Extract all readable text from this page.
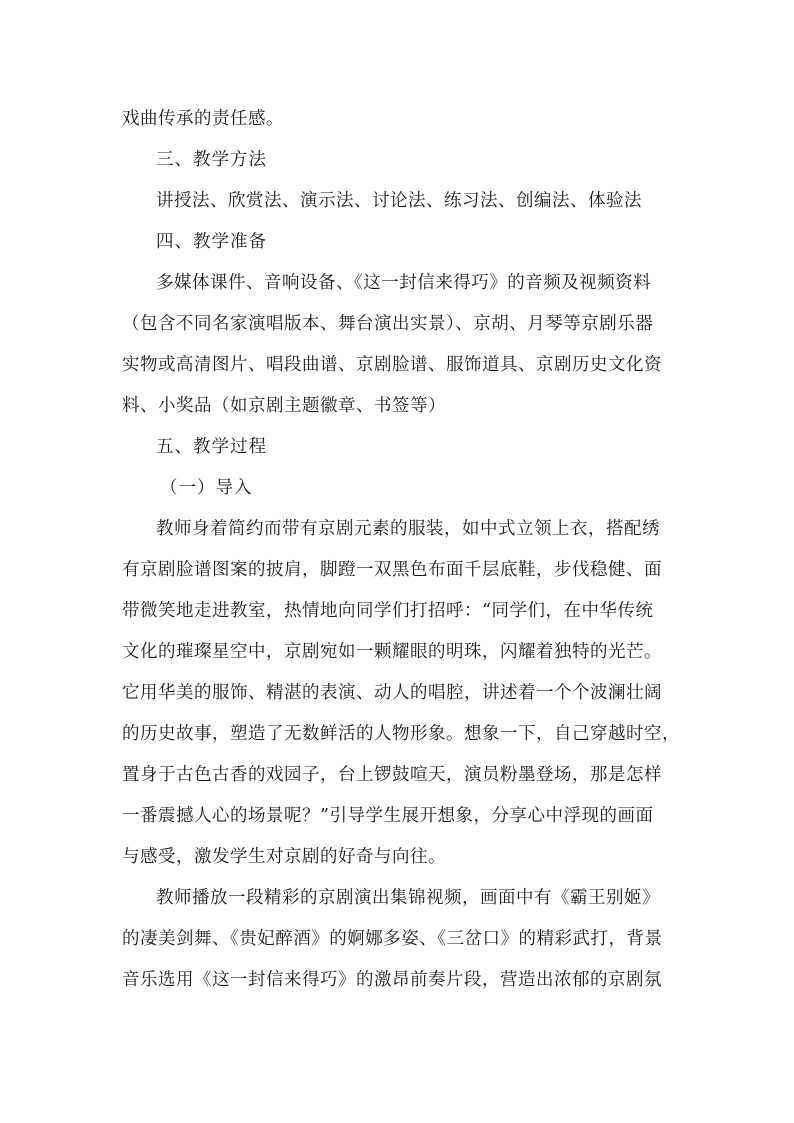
戏曲传承的责任感。
三、教学方法
讲授法、欣赏法、演示法、讨论法、练习法、创编法、体验法
四、教学准备
多媒体课件、音响设备、《这一封信来得巧》的音频及视频资料
（包含不同名家演唱版本、舞台演出实景）、京胡、月琴等京剧乐器
实物或高清图片、唱段曲谱、京剧脸谱、服饰道具、京剧历史文化资
料、小奖品（如京剧主题徽章、书签等）
五、教学过程
（一）导入
教师身着简约而带有京剧元素的服装，如中式立领上衣，搭配绣
有京剧脸谱图案的披肩，脚蹬一双黑色布面千层底鞋，步伐稳健、面
带微笑地走进教室，热情地向同学们打招呼：“同学们，在中华传统
文化的璀璨星空中，京剧宛如一颗耀眼的明珠，闪耀着独特的光芒。
它用华美的服饰、精湛的表演、动人的唱腔，讲述着一个个波澜壮阔
的历史故事，塑造了无数鲜活的人物形象。想象一下，自己穿越时空，
置身于古色古香的戏园子，台上锣鼓喧天，演员粉墨登场，那是怎样
一番震撼人心的场景呢？”引导学生展开想象，分享心中浮现的画面
与感受，激发学生对京剧的好奇与向往。
教师播放一段精彩的京剧演出集锦视频，画面中有《霸王别姬》
的凄美剑舞、《贵妃醉酒》的婀娜多姿、《三岔口》的精彩武打，背景
音乐选用《这一封信来得巧》的激昂前奏片段，营造出浓郁的京剧氛
